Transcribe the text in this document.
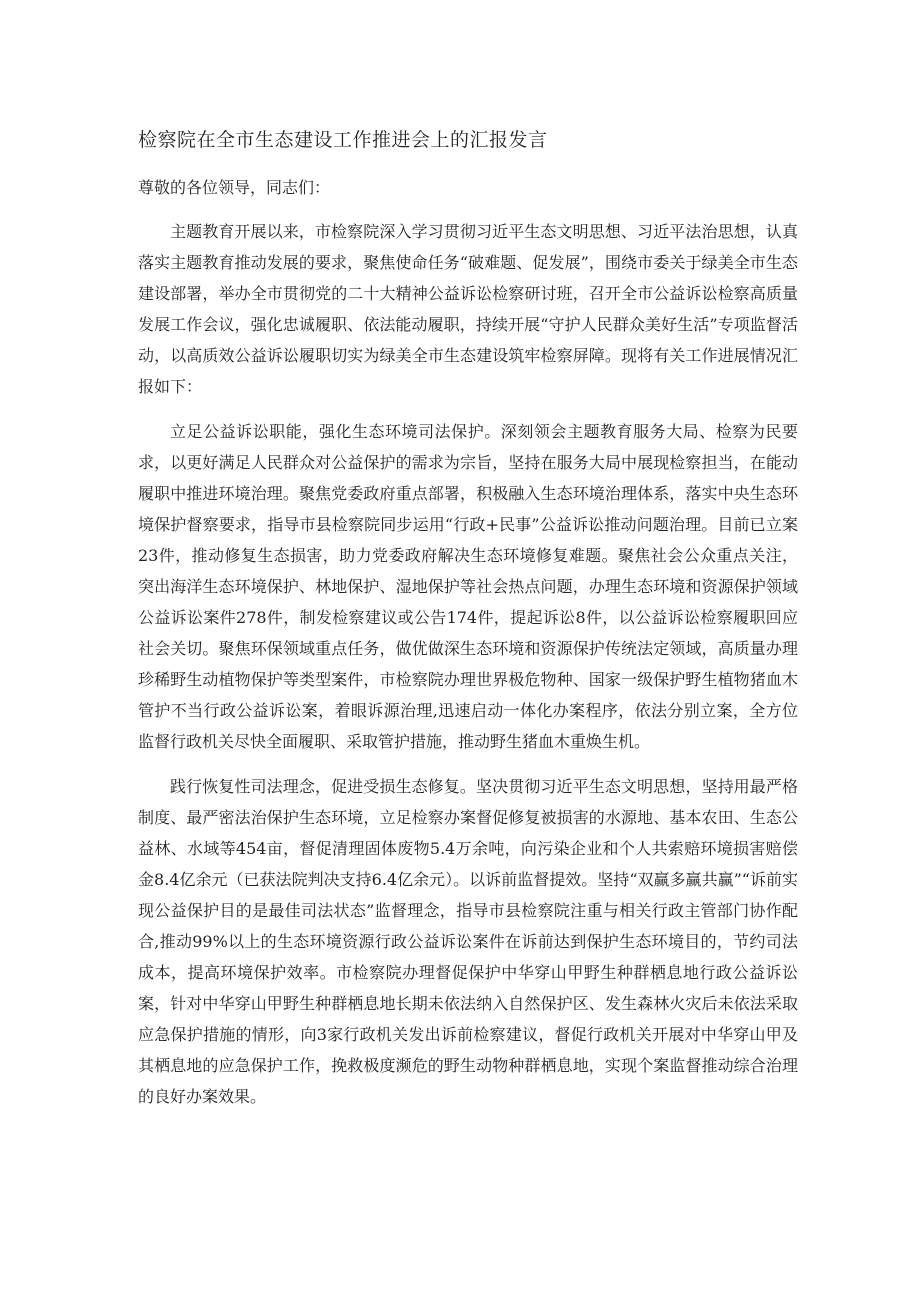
检察院在全市生态建设工作推进会上的汇报发言

尊敬的各位领导，同志们：

主题教育开展以来，市检察院深入学习贯彻习近平生态文明思想、习近平法治思想，认真落实主题教育推动发展的要求，聚焦使命任务“破难题、促发展”，围绕市委关于绿美全市生态建设部署，举办全市贯彻党的二十大精神公益诉讼检察研讨班，召开全市公益诉讼检察高质量发展工作会议，强化忠诚履职、依法能动履职，持续开展“守护人民群众美好生活”专项监督活动，以高质效公益诉讼履职切实为绿美全市生态建设筑牢检察屏障。现将有关工作进展情况汇报如下：

立足公益诉讼职能，强化生态环境司法保护。深刻领会主题教育服务大局、检察为民要求，以更好满足人民群众对公益保护的需求为宗旨，坚持在服务大局中展现检察担当，在能动履职中推进环境治理。聚焦党委政府重点部署，积极融入生态环境治理体系，落实中央生态环境保护督察要求，指导市县检察院同步运用“行政+民事”公益诉讼推动问题治理。目前已立案23件，推动修复生态损害，助力党委政府解决生态环境修复难题。聚焦社会公众重点关注，突出海洋生态环境保护、林地保护、湿地保护等社会热点问题，办理生态环境和资源保护领域公益诉讼案件278件，制发检察建议或公告174件，提起诉讼8件，以公益诉讼检察履职回应社会关切。聚焦环保领域重点任务，做优做深生态环境和资源保护传统法定领域，高质量办理珍稀野生动植物保护等类型案件，市检察院办理世界极危物种、国家一级保护野生植物猪血木管护不当行政公益诉讼案，着眼诉源治理,迅速启动一体化办案程序，依法分别立案，全方位监督行政机关尽快全面履职、采取管护措施，推动野生猪血木重焕生机。

践行恢复性司法理念，促进受损生态修复。坚决贯彻习近平生态文明思想，坚持用最严格制度、最严密法治保护生态环境，立足检察办案督促修复被损害的水源地、基本农田、生态公益林、水域等454亩，督促清理固体废物5.4万余吨，向污染企业和个人共索赔环境损害赔偿金8.4亿余元（已获法院判决支持6.4亿余元）。以诉前监督提效。坚持“双赢多赢共赢”“诉前实现公益保护目的是最佳司法状态”监督理念，指导市县检察院注重与相关行政主管部门协作配合,推动99%以上的生态环境资源行政公益诉讼案件在诉前达到保护生态环境目的，节约司法成本，提高环境保护效率。市检察院办理督促保护中华穿山甲野生种群栖息地行政公益诉讼案，针对中华穿山甲野生种群栖息地长期未依法纳入自然保护区、发生森林火灾后未依法采取应急保护措施的情形，向3家行政机关发出诉前检察建议，督促行政机关开展对中华穿山甲及其栖息地的应急保护工作，挽救极度濒危的野生动物种群栖息地，实现个案监督推动综合治理的良好办案效果。
